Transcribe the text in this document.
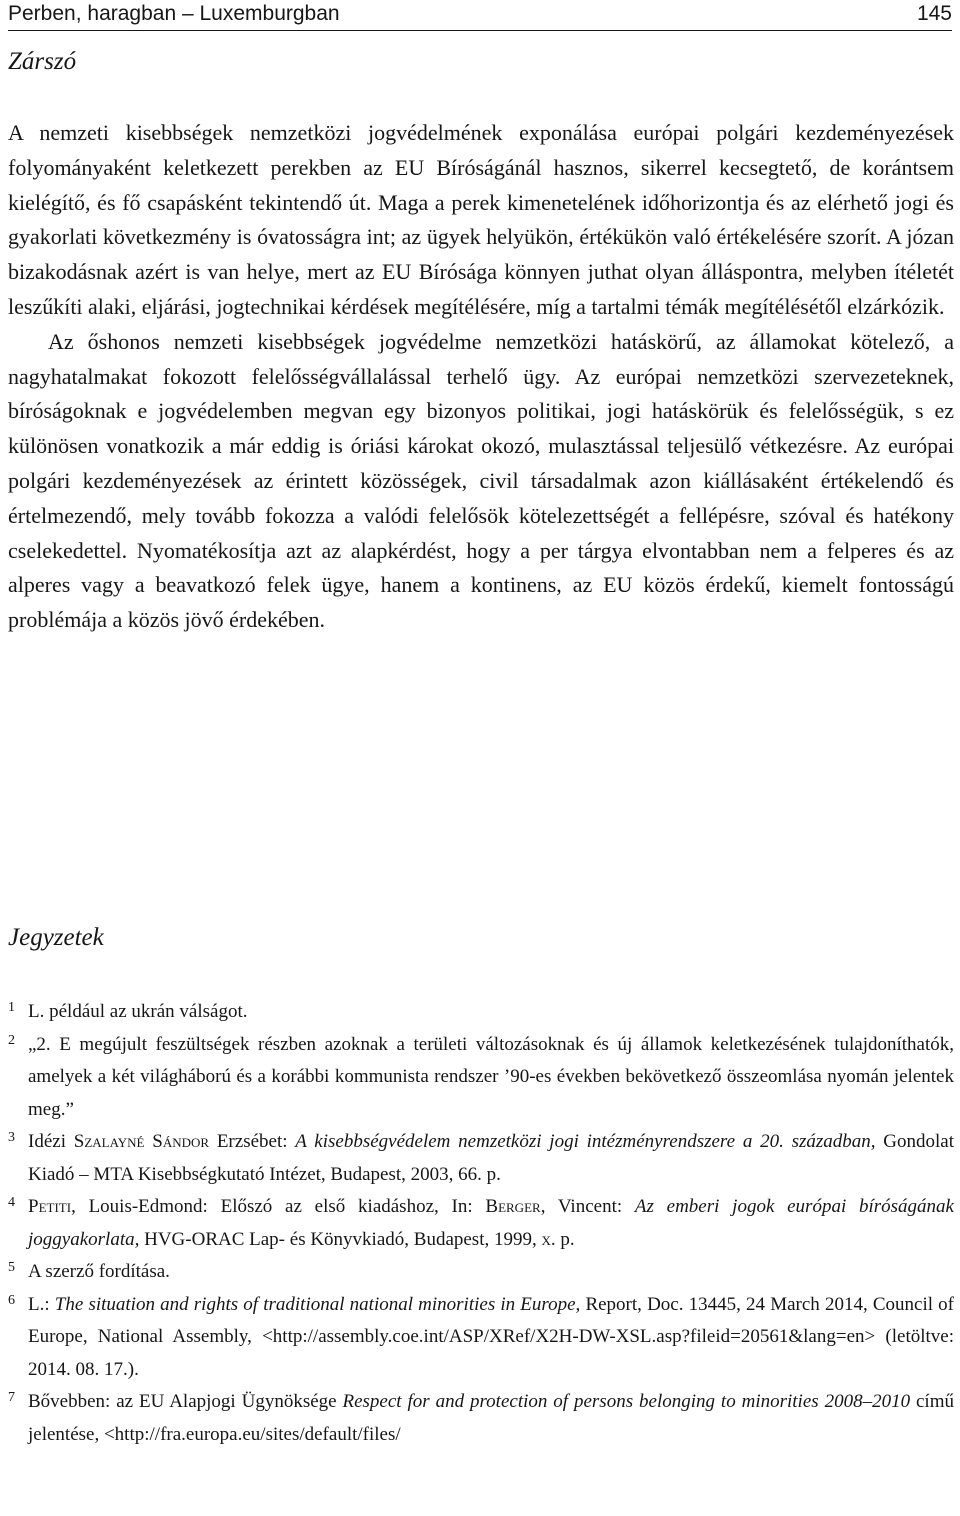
Perben, haragban – Luxemburgban	145
Zárszó

A nemzeti kisebbségek nemzetközi jogvédelmének exponálása európai polgári kezdeményezések folyományaként keletkezett perekben az EU Bíróságánál hasznos, sikerrel kecsegtető, de korántsem kielégítő, és fő csapásként tekintendő út. Maga a perek kimenetelének időhorizontja és az elérhető jogi és gyakorlati következmény is óvatosságra int; az ügyek helyükön, értékükön való értékelésére szorít. A józan bizakodásnak azért is van helye, mert az EU Bírósága könnyen juthat olyan álláspontra, melyben ítéletét leszűkíti alaki, eljárási, jogtechnikai kérdések megítélésére, míg a tartalmi témák megítélésétől elzárkózik.

Az őshonos nemzeti kisebbségek jogvédelme nemzetközi hatáskörű, az államokat kötelező, a nagyhatalmakat fokozott felelősségvállalással terhelő ügy. Az európai nemzetközi szervezeteknek, bíróságoknak e jogvédelemben megvan egy bizonyos politikai, jogi hatáskörük és felelősségük, s ez különösen vonatkozik a már eddig is óriási károkat okozó, mulasztással teljesülő vétkezésre. Az európai polgári kezdeményezések az érintett közösségek, civil társadalmak azon kiállásaként értékelendő és értelmezendő, mely tovább fokozza a valódi felelősök kötelezettségét a fellépésre, szóval és hatékony cselekedettel. Nyomatékosítja azt az alapkérdést, hogy a per tárgya elvontabban nem a felperes és az alperes vagy a beavatkozó felek ügye, hanem a kontinens, az EU közös érdekű, kiemelt fontosságú problémája a közös jövő érdekében.

Jegyzetek

1 L. például az ukrán válságot.

2 „2. E megújult feszültségek részben azoknak a területi változásoknak és új államok keletkezésének tulajdoníthatók, amelyek a két világháború és a korábbi kommunista rendszer ’90-es években bekövetkező összeomlása nyomán jelentek meg.”

3 Idézi Szalayné Sándor Erzsébet: A kisebbségvédelem nemzetközi jogi intézményrendszere a 20. században, Gondolat Kiadó – MTA Kisebbségkutató Intézet, Budapest, 2003, 66. p.

4 Petiti, Louis-Edmond: Előszó az első kiadáshoz, In: Berger, Vincent: Az emberi jogok európai bíróságának joggyakorlata, HVG-ORAC Lap- és Könyvkiadó, Budapest, 1999, x. p.

5 A szerző fordítása.

6 L.: The situation and rights of traditional national minorities in Europe, Report, Doc. 13445, 24 March 2014, Council of Europe, National Assembly, <http://assembly.coe.int/ASP/XRef/X2H-DW-XSL.asp?fileid=20561&lang=en> (letöltve: 2014. 08. 17.).

7 Bővebben: az EU Alapjogi Ügynöksége Respect for and protection of persons belonging to minorities 2008–2010 című jelentése, <http://fra.europa.eu/sites/default/files/
